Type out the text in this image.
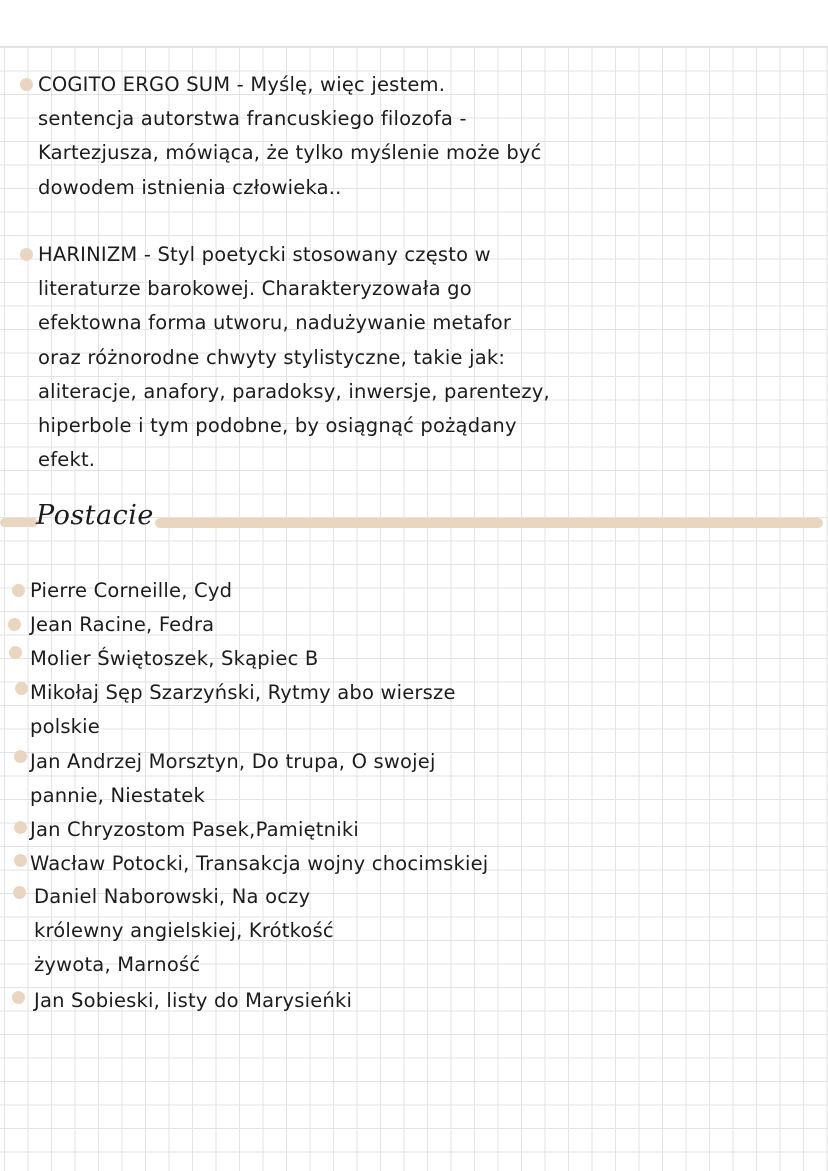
COGITO ERGO SUM - Myślę, więc jestem.
sentencja autorstwa francuskiego filozofa -
Kartezjusza, mówiąca, że tylko myślenie może być
dowodem istnienia człowieka..
HARINIZM - Styl poetycki stosowany często w
literaturze barokowej. Charakteryzowała go
efektowna forma utworu, nadużywanie metafor
oraz różnorodne chwyty stylistyczne, takie jak:
aliteracje, anafory, paradoksy, inwersje, parentezy,
hiperbole i tym podobne, by osiągnąć pożądany
efekt.
Postacie
Pierre Corneille, Cyd
Jean Racine, Fedra
Molier Świętoszek, Skąpiec B
Mikołaj Sęp Szarzyński, Rytmy abo wiersze
polskie
Jan Andrzej Morsztyn, Do trupa, O swojej
pannie, Niestatek
Jan Chryzostom Pasek,Pamiętniki
Wacław Potocki, Transakcja wojny chocimskiej
Daniel Naborowski, Na oczy
królewny angielskiej, Krótkość
żywota, Marność
Jan Sobieski, listy do Marysieńki
